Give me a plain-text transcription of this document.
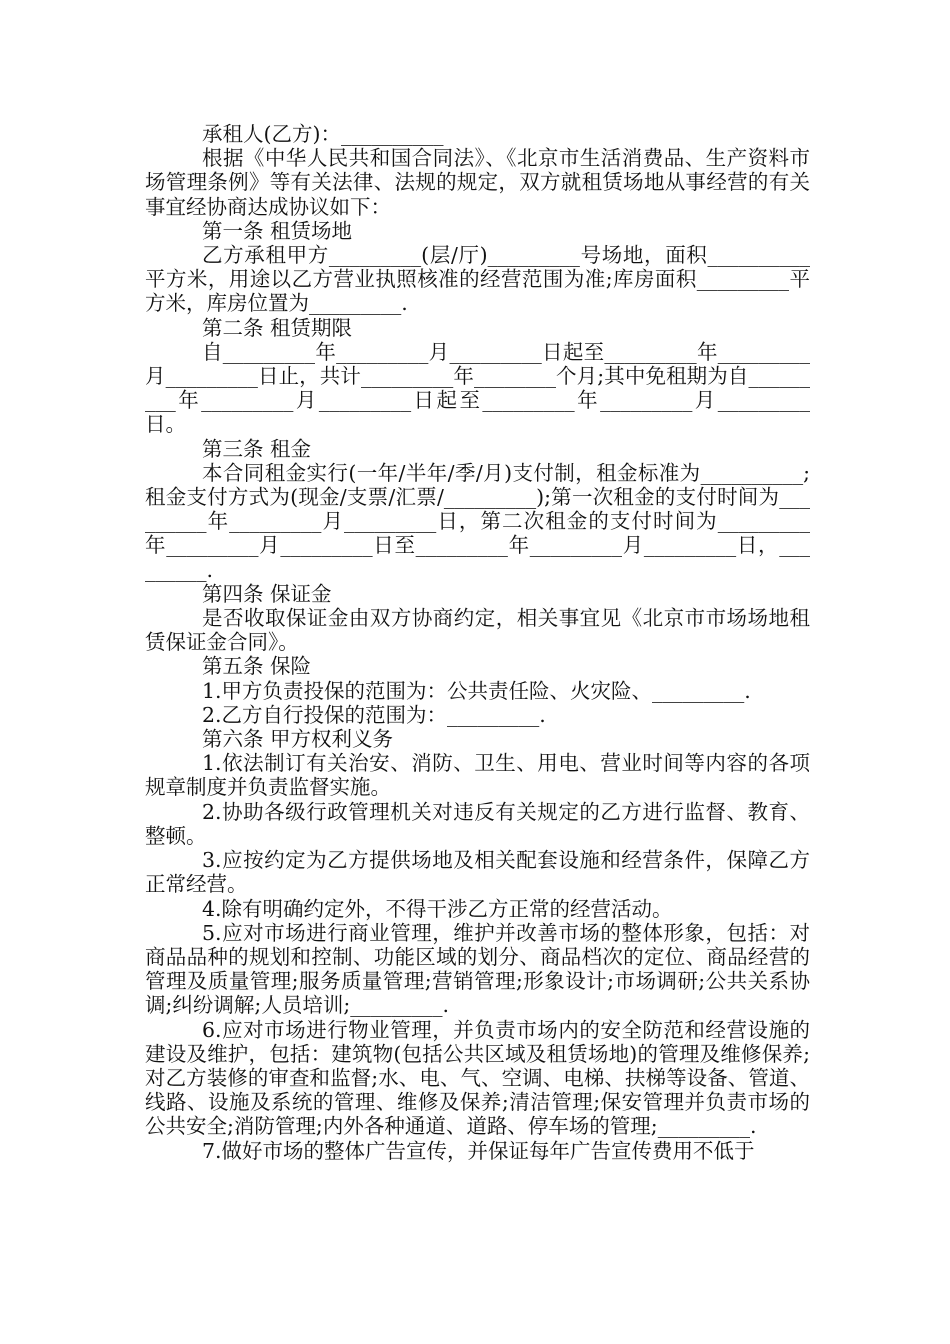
承租人(乙方)：__________

根据《中华人民共和国合同法》、《北京市生活消费品、生产资料市场管理条例》等有关法律、法规的规定，双方就租赁场地从事经营的有关事宜经协商达成协议如下：

第一条 租赁场地

乙方承租甲方_________(层/厅)_________号场地，面积__________平方米，用途以乙方营业执照核准的经营范围为准;库房面积_________平方米，库房位置为_________.

第二条 租赁期限

自_________年_________月_________日起至_________年_________月_________日止，共计_________年________个月;其中免租期为自_________年_________月_________日起至_________年_________月_________日。

第三条 租金

本合同租金实行(一年/半年/季/月)支付制，租金标准为__________;租金支付方式为(现金/支票/汇票/_________);第一次租金的支付时间为_________年_________月_________日，第二次租金的支付时间为_________年_________月_________日至_________年_________月_________日，_________.

第四条 保证金

是否收取保证金由双方协商约定，相关事宜见《北京市市场场地租赁保证金合同》。

第五条 保险

1.甲方负责投保的范围为：公共责任险、火灾险、_________.

2.乙方自行投保的范围为：_________.

第六条 甲方权利义务

1.依法制订有关治安、消防、卫生、用电、营业时间等内容的各项规章制度并负责监督实施。

2.协助各级行政管理机关对违反有关规定的乙方进行监督、教育、整顿。

3.应按约定为乙方提供场地及相关配套设施和经营条件，保障乙方正常经营。

4.除有明确约定外，不得干涉乙方正常的经营活动。

5.应对市场进行商业管理，维护并改善市场的整体形象，包括：对商品品种的规划和控制、功能区域的划分、商品档次的定位、商品经营的管理及质量管理;服务质量管理;营销管理;形象设计;市场调研;公共关系协调;纠纷调解;人员培训;_________.

6.应对市场进行物业管理，并负责市场内的安全防范和经营设施的建设及维护，包括：建筑物(包括公共区域及租赁场地)的管理及维修保养;对乙方装修的审查和监督;水、电、气、空调、电梯、扶梯等设备、管道、线路、设施及系统的管理、维修及保养;清洁管理;保安管理并负责市场的公共安全;消防管理;内外各种通道、道路、停车场的管理;_________.

7.做好市场的整体广告宣传，并保证每年广告宣传费用不低于
